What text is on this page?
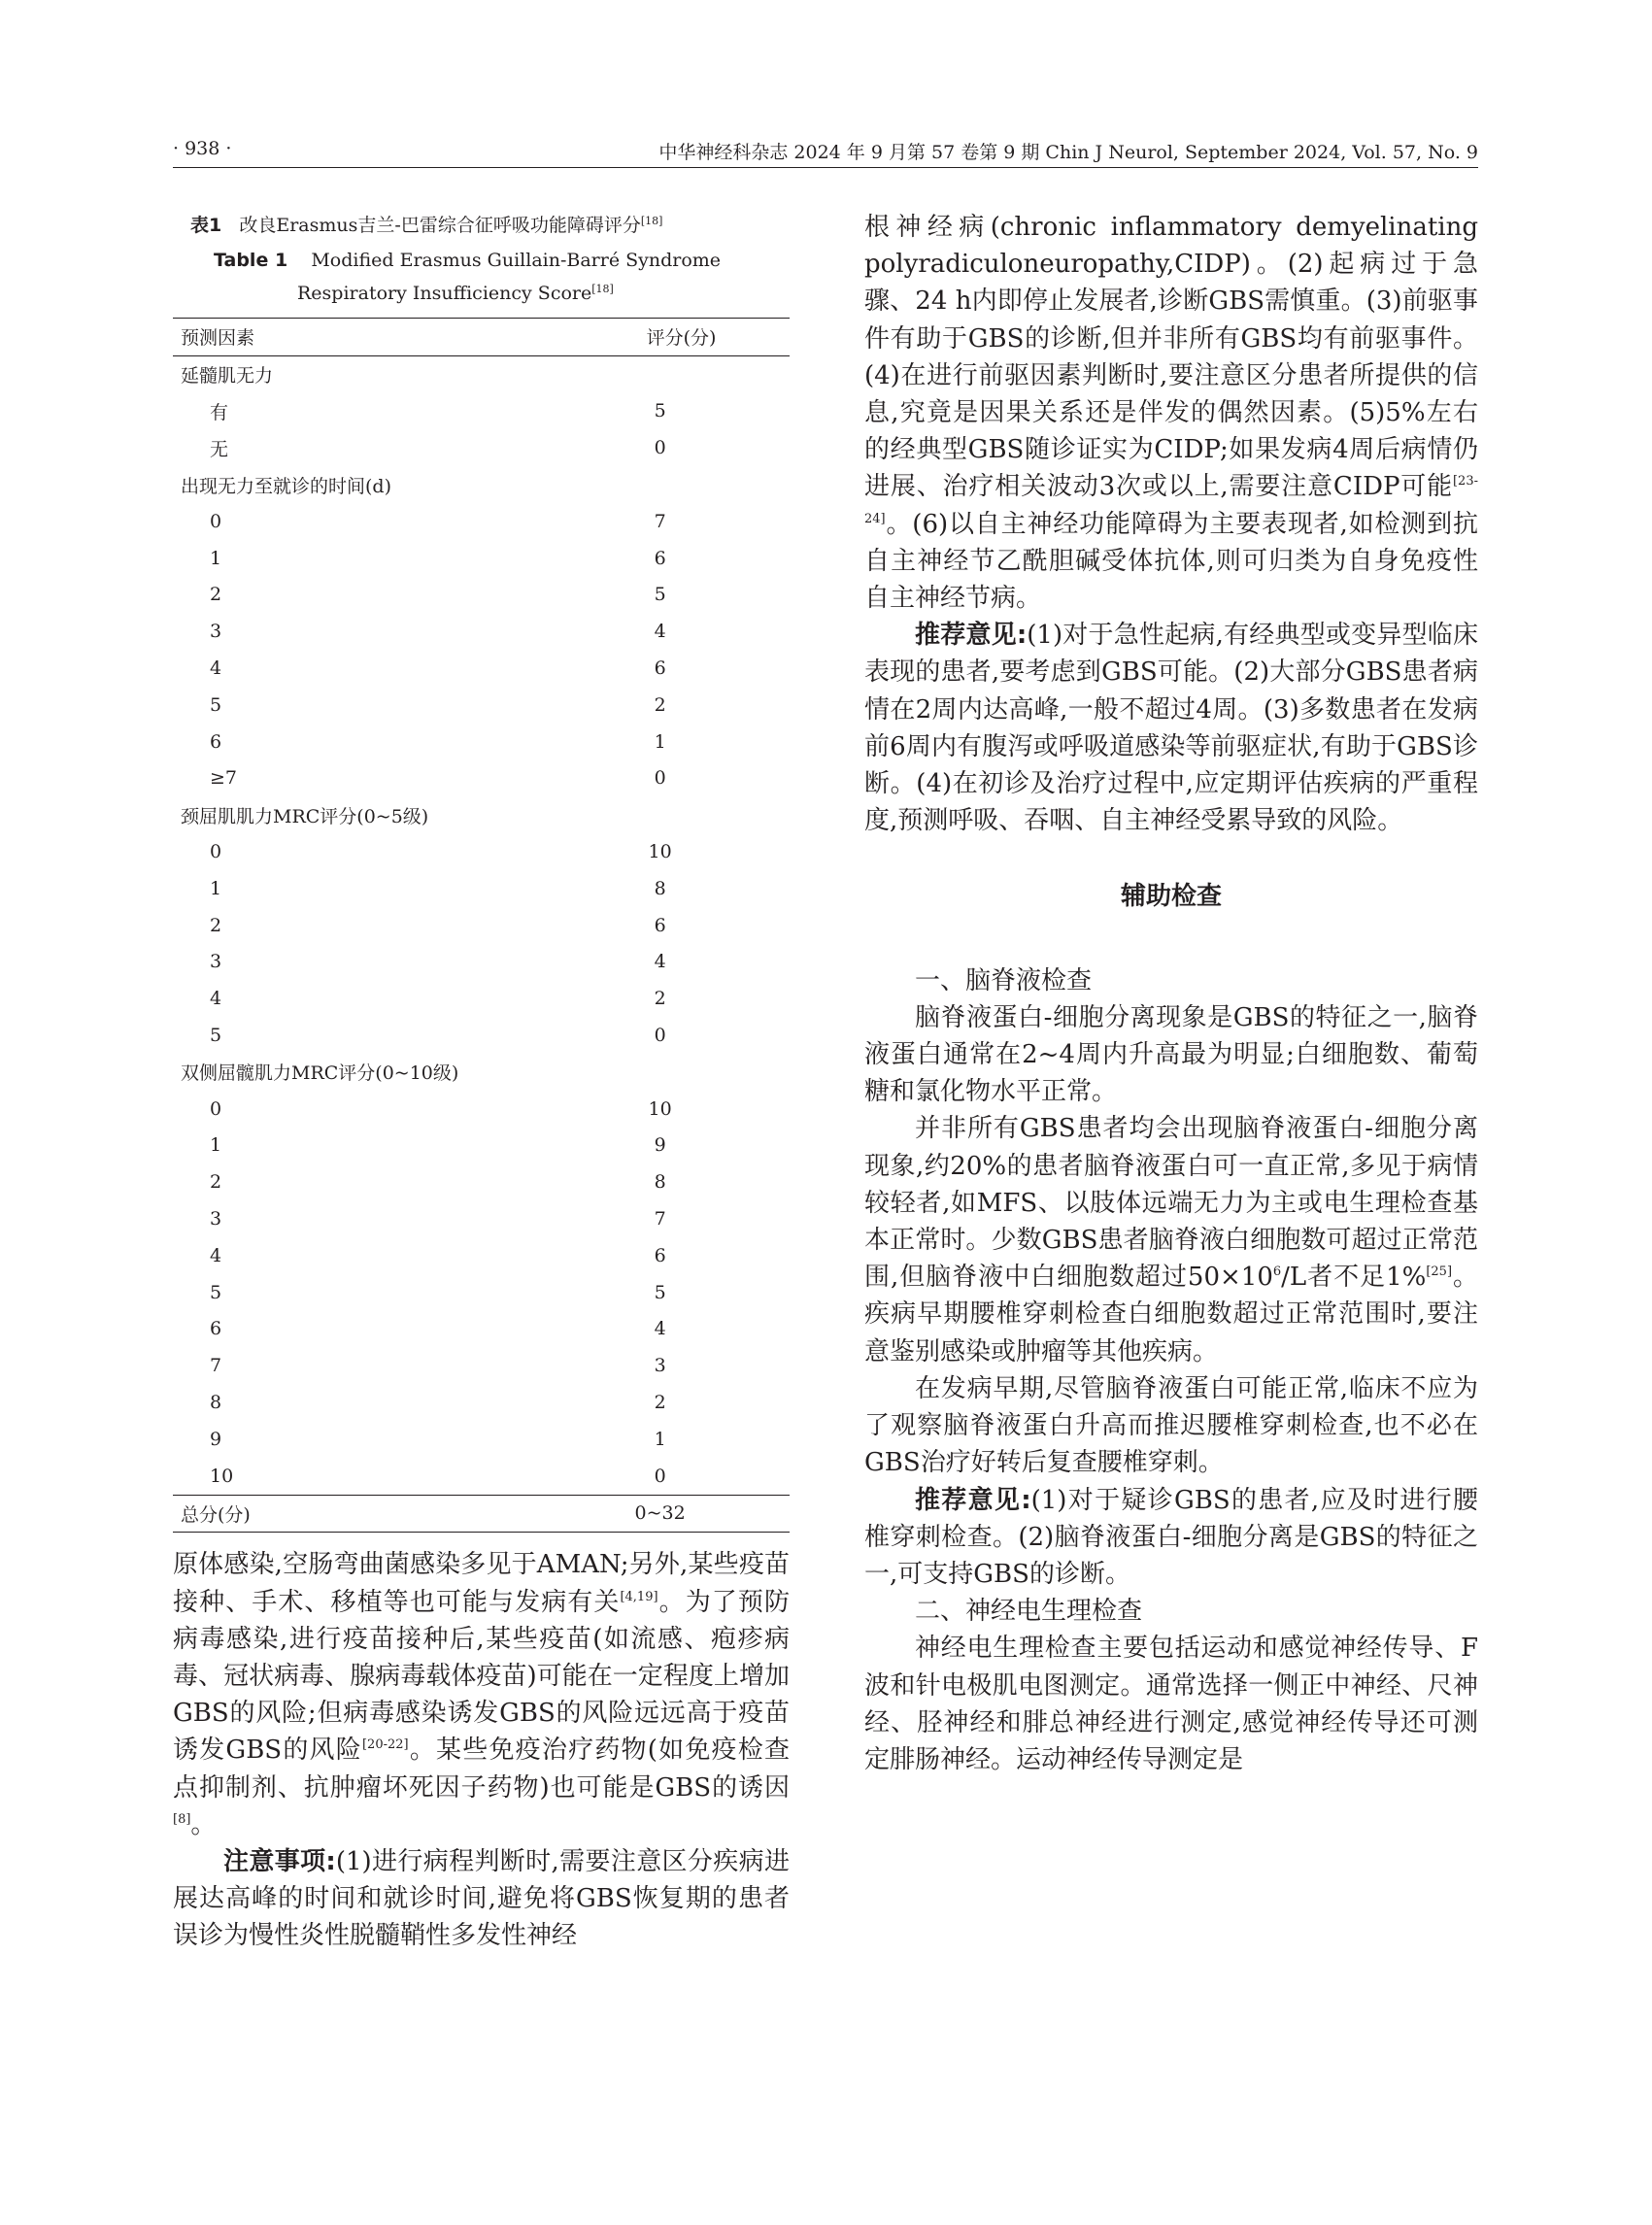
· 938 ·	中华神经科杂志 2024 年 9 月第 57 卷第 9 期 Chin J Neurol, September 2024, Vol. 57, No. 9
表1 改良Erasmus吉兰-巴雷综合征呼吸功能障碍评分[18]
Table 1 Modified Erasmus Guillain-Barré Syndrome
Respiratory Insufficiency Score[18]
预测因素	评分(分)
延髓肌无力	
有	5
无	0
出现无力至就诊的时间(d)	
0	7
1	6
2	5
3	4
4	6
5	2
6	1
≥7	0
颈屈肌肌力MRC评分(0~5级)	
0	10
1	8
2	6
3	4
4	2
5	0
双侧屈髋肌力MRC评分(0~10级)	
0	10
1	9
2	8
3	7
4	6
5	5
6	4
7	3
8	2
9	1
10	0
总分(分)	0~32

原体感染,空肠弯曲菌感染多见于AMAN;另外,某些疫苗接种、手术、移植等也可能与发病有关[4,19]。为了预防病毒感染,进行疫苗接种后,某些疫苗(如流感、疱疹病毒、冠状病毒、腺病毒载体疫苗)可能在一定程度上增加GBS的风险;但病毒感染诱发GBS的风险远远高于疫苗诱发GBS的风险[20-22]。某些免疫治疗药物(如免疫检查点抑制剂、抗肿瘤坏死因子药物)也可能是GBS的诱因[8]。

注意事项:(1)进行病程判断时,需要注意区分疾病进展达高峰的时间和就诊时间,避免将GBS恢复期的患者误诊为慢性炎性脱髓鞘性多发性神经

根神经病(chronic inflammatory demyelinating polyradiculoneuropathy,CIDP)。(2)起病过于急骤、24 h内即停止发展者,诊断GBS需慎重。(3)前驱事件有助于GBS的诊断,但并非所有GBS均有前驱事件。(4)在进行前驱因素判断时,要注意区分患者所提供的信息,究竟是因果关系还是伴发的偶然因素。(5)5%左右的经典型GBS随诊证实为CIDP;如果发病4周后病情仍进展、治疗相关波动3次或以上,需要注意CIDP可能[23-24]。(6)以自主神经功能障碍为主要表现者,如检测到抗自主神经节乙酰胆碱受体抗体,则可归类为自身免疫性自主神经节病。

推荐意见:(1)对于急性起病,有经典型或变异型临床表现的患者,要考虑到GBS可能。(2)大部分GBS患者病情在2周内达高峰,一般不超过4周。(3)多数患者在发病前6周内有腹泻或呼吸道感染等前驱症状,有助于GBS诊断。(4)在初诊及治疗过程中,应定期评估疾病的严重程度,预测呼吸、吞咽、自主神经受累导致的风险。

辅助检查

一、脑脊液检查

脑脊液蛋白-细胞分离现象是GBS的特征之一,脑脊液蛋白通常在2~4周内升高最为明显;白细胞数、葡萄糖和氯化物水平正常。

并非所有GBS患者均会出现脑脊液蛋白-细胞分离现象,约20%的患者脑脊液蛋白可一直正常,多见于病情较轻者,如MFS、以肢体远端无力为主或电生理检查基本正常时。少数GBS患者脑脊液白细胞数可超过正常范围,但脑脊液中白细胞数超过$50\times 10^6/L$者不足1%[25]。疾病早期腰椎穿刺检查白细胞数超过正常范围时,要注意鉴别感染或肿瘤等其他疾病。

在发病早期,尽管脑脊液蛋白可能正常,临床不应为了观察脑脊液蛋白升高而推迟腰椎穿刺检查,也不必在GBS治疗好转后复查腰椎穿刺。

推荐意见:(1)对于疑诊GBS的患者,应及时进行腰椎穿刺检查。(2)脑脊液蛋白-细胞分离是GBS的特征之一,可支持GBS的诊断。

二、神经电生理检查

神经电生理检查主要包括运动和感觉神经传导、F波和针电极肌电图测定。通常选择一侧正中神经、尺神经、胫神经和腓总神经进行测定,感觉神经传导还可测定腓肠神经。运动神经传导测定是
